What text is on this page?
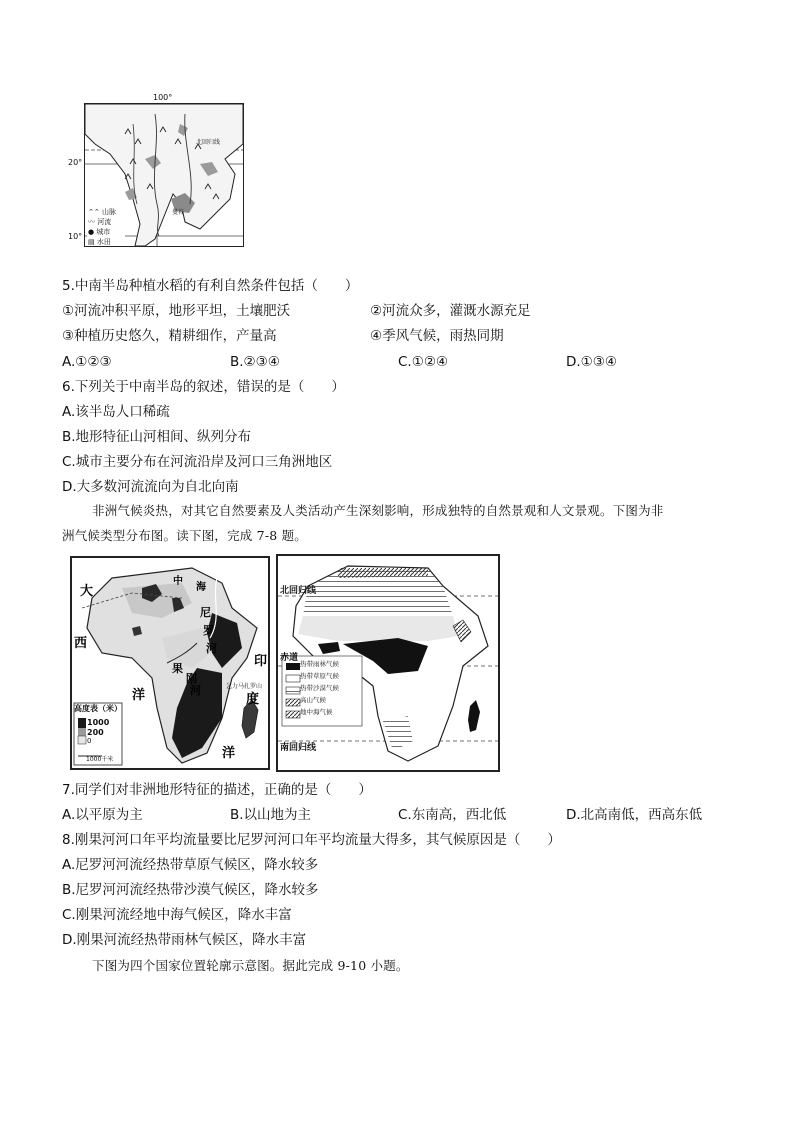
100°
20°
10°
北回归线
曼谷
⌃⌃ 山脉
〰 河流
● 城市
▤ 水田
5.中南半岛种植水稻的有利自然条件包括（　　）
①河流冲积平原，地形平坦，土壤肥沃	②河流众多，灌溉水源充足
③种植历史悠久，精耕细作，产量高	④季风气候，雨热同期
A.①②③	B.②③④	C.①②④	D.①③④
6.下列关于中南半岛的叙述，错误的是（　　）
A.该半岛人口稀疏
B.地形特征山河相间、纵列分布
C.城市主要分布在河流沿岸及河口三角洲地区
D.大多数河流流向为自北向南
非洲气候炎热，对其它自然要素及人类活动产生深刻影响，形成独特的自然景观和人文景观。下图为非
洲气候类型分布图。读下图，完成 7-8 题。
大
西
洋
中
海
尼
罗
河
刚
果
河
印
度
洋
乞力马扎罗山
高度表（米）
1000
200
0
1000千米
北回归线
赤道
南回归线
热带雨林气候
热带草原气候
热带沙漠气候
高山气候
地中海气候
7.同学们对非洲地形特征的描述，正确的是（　　）
A.以平原为主	B.以山地为主	C.东南高，西北低	D.北高南低，西高东低
8.刚果河河口年平均流量要比尼罗河河口年平均流量大得多，其气候原因是（　　）
A.尼罗河河流经热带草原气候区，降水较多
B.尼罗河河流经热带沙漠气候区，降水较多
C.刚果河流经地中海气候区，降水丰富
D.刚果河流经热带雨林气候区，降水丰富
下图为四个国家位置轮廓示意图。据此完成 9-10 小题。
